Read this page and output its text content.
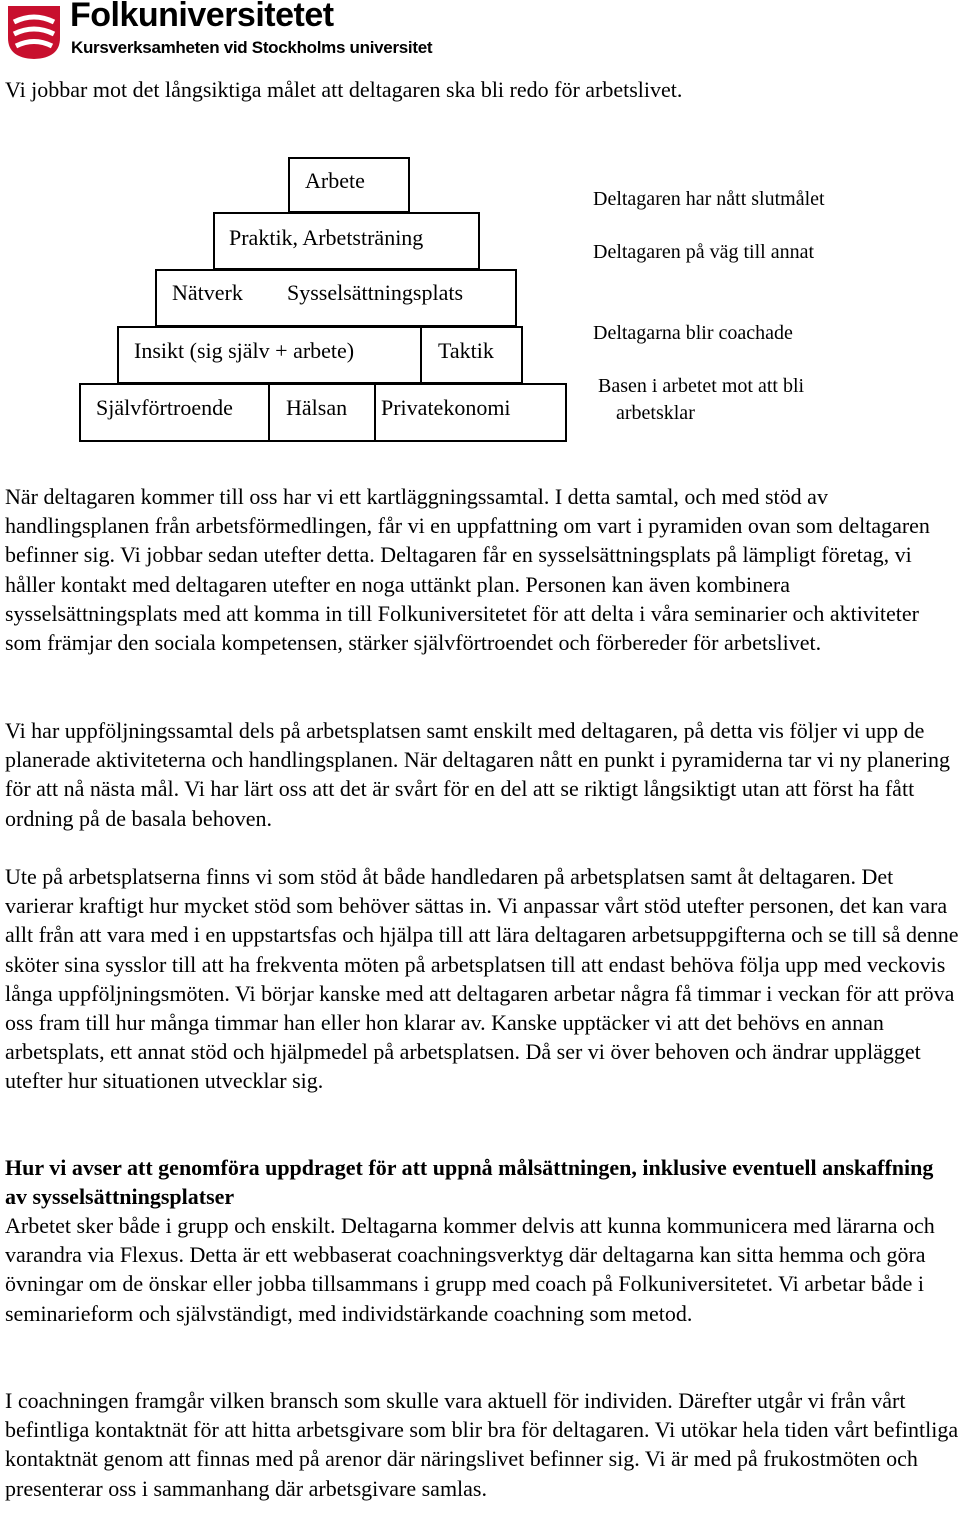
Folkuniversitetet
Kursverksamheten vid Stockholms universitet

Vi jobbar mot det långsiktiga målet att deltagaren ska bli redo för arbetslivet.

Arbete
Praktik, Arbetsträning
Nätverk Sysselsättningsplats
Insikt (sig själv + arbete)	Taktik
Självförtroende Hälsan Privatekonomi
Deltagaren har nått slutmålet
Deltagaren på väg till annat
Deltagarna blir coachade
Basen i arbetet mot att bli
arbetsklar

När deltagaren kommer till oss har vi ett kartläggningssamtal. I detta samtal, och med stöd av handlingsplanen från arbetsförmedlingen, får vi en uppfattning om vart i pyramiden ovan som deltagaren befinner sig. Vi jobbar sedan utefter detta. Deltagaren får en sysselsättningsplats på lämpligt företag, vi håller kontakt med deltagaren utefter en noga uttänkt plan. Personen kan även kombinera sysselsättningsplats med att komma in till Folkuniversitetet för att delta i våra seminarier och aktiviteter som främjar den sociala kompetensen, stärker självförtroendet och förbereder för arbetslivet.

Vi har uppföljningssamtal dels på arbetsplatsen samt enskilt med deltagaren, på detta vis följer vi upp de planerade aktiviteterna och handlingsplanen. När deltagaren nått en punkt i pyramiderna tar vi ny planering för att nå nästa mål. Vi har lärt oss att det är svårt för en del att se riktigt långsiktigt utan att först ha fått ordning på de basala behoven.

Ute på arbetsplatserna finns vi som stöd åt både handledaren på arbetsplatsen samt åt deltagaren. Det varierar kraftigt hur mycket stöd som behöver sättas in. Vi anpassar vårt stöd utefter personen, det kan vara allt från att vara med i en uppstartsfas och hjälpa till att lära deltagaren arbetsuppgifterna och se till så denne sköter sina sysslor till att ha frekventa möten på arbetsplatsen till att endast behöva följa upp med veckovis långa uppföljningsmöten. Vi börjar kanske med att deltagaren arbetar några få timmar i veckan för att pröva oss fram till hur många timmar han eller hon klarar av. Kanske upptäcker vi att det behövs en annan arbetsplats, ett annat stöd och hjälpmedel på arbetsplatsen. Då ser vi över behoven och ändrar upplägget utefter hur situationen utvecklar sig.

Hur vi avser att genomföra uppdraget för att uppnå målsättningen, inklusive eventuell anskaffning av sysselsättningsplatser

Arbetet sker både i grupp och enskilt. Deltagarna kommer delvis att kunna kommunicera med lärarna och varandra via Flexus. Detta är ett webbaserat coachningsverktyg där deltagarna kan sitta hemma och göra övningar om de önskar eller jobba tillsammans i grupp med coach på Folkuniversitetet. Vi arbetar både i seminarieform och självständigt, med individstärkande coachning som metod.

I coachningen framgår vilken bransch som skulle vara aktuell för individen. Därefter utgår vi från vårt befintliga kontaktnät för att hitta arbetsgivare som blir bra för deltagaren. Vi utökar hela tiden vårt befintliga kontaktnät genom att finnas med på arenor där näringslivet befinner sig. Vi är med på frukostmöten och presenterar oss i sammanhang där arbetsgivare samlas.
